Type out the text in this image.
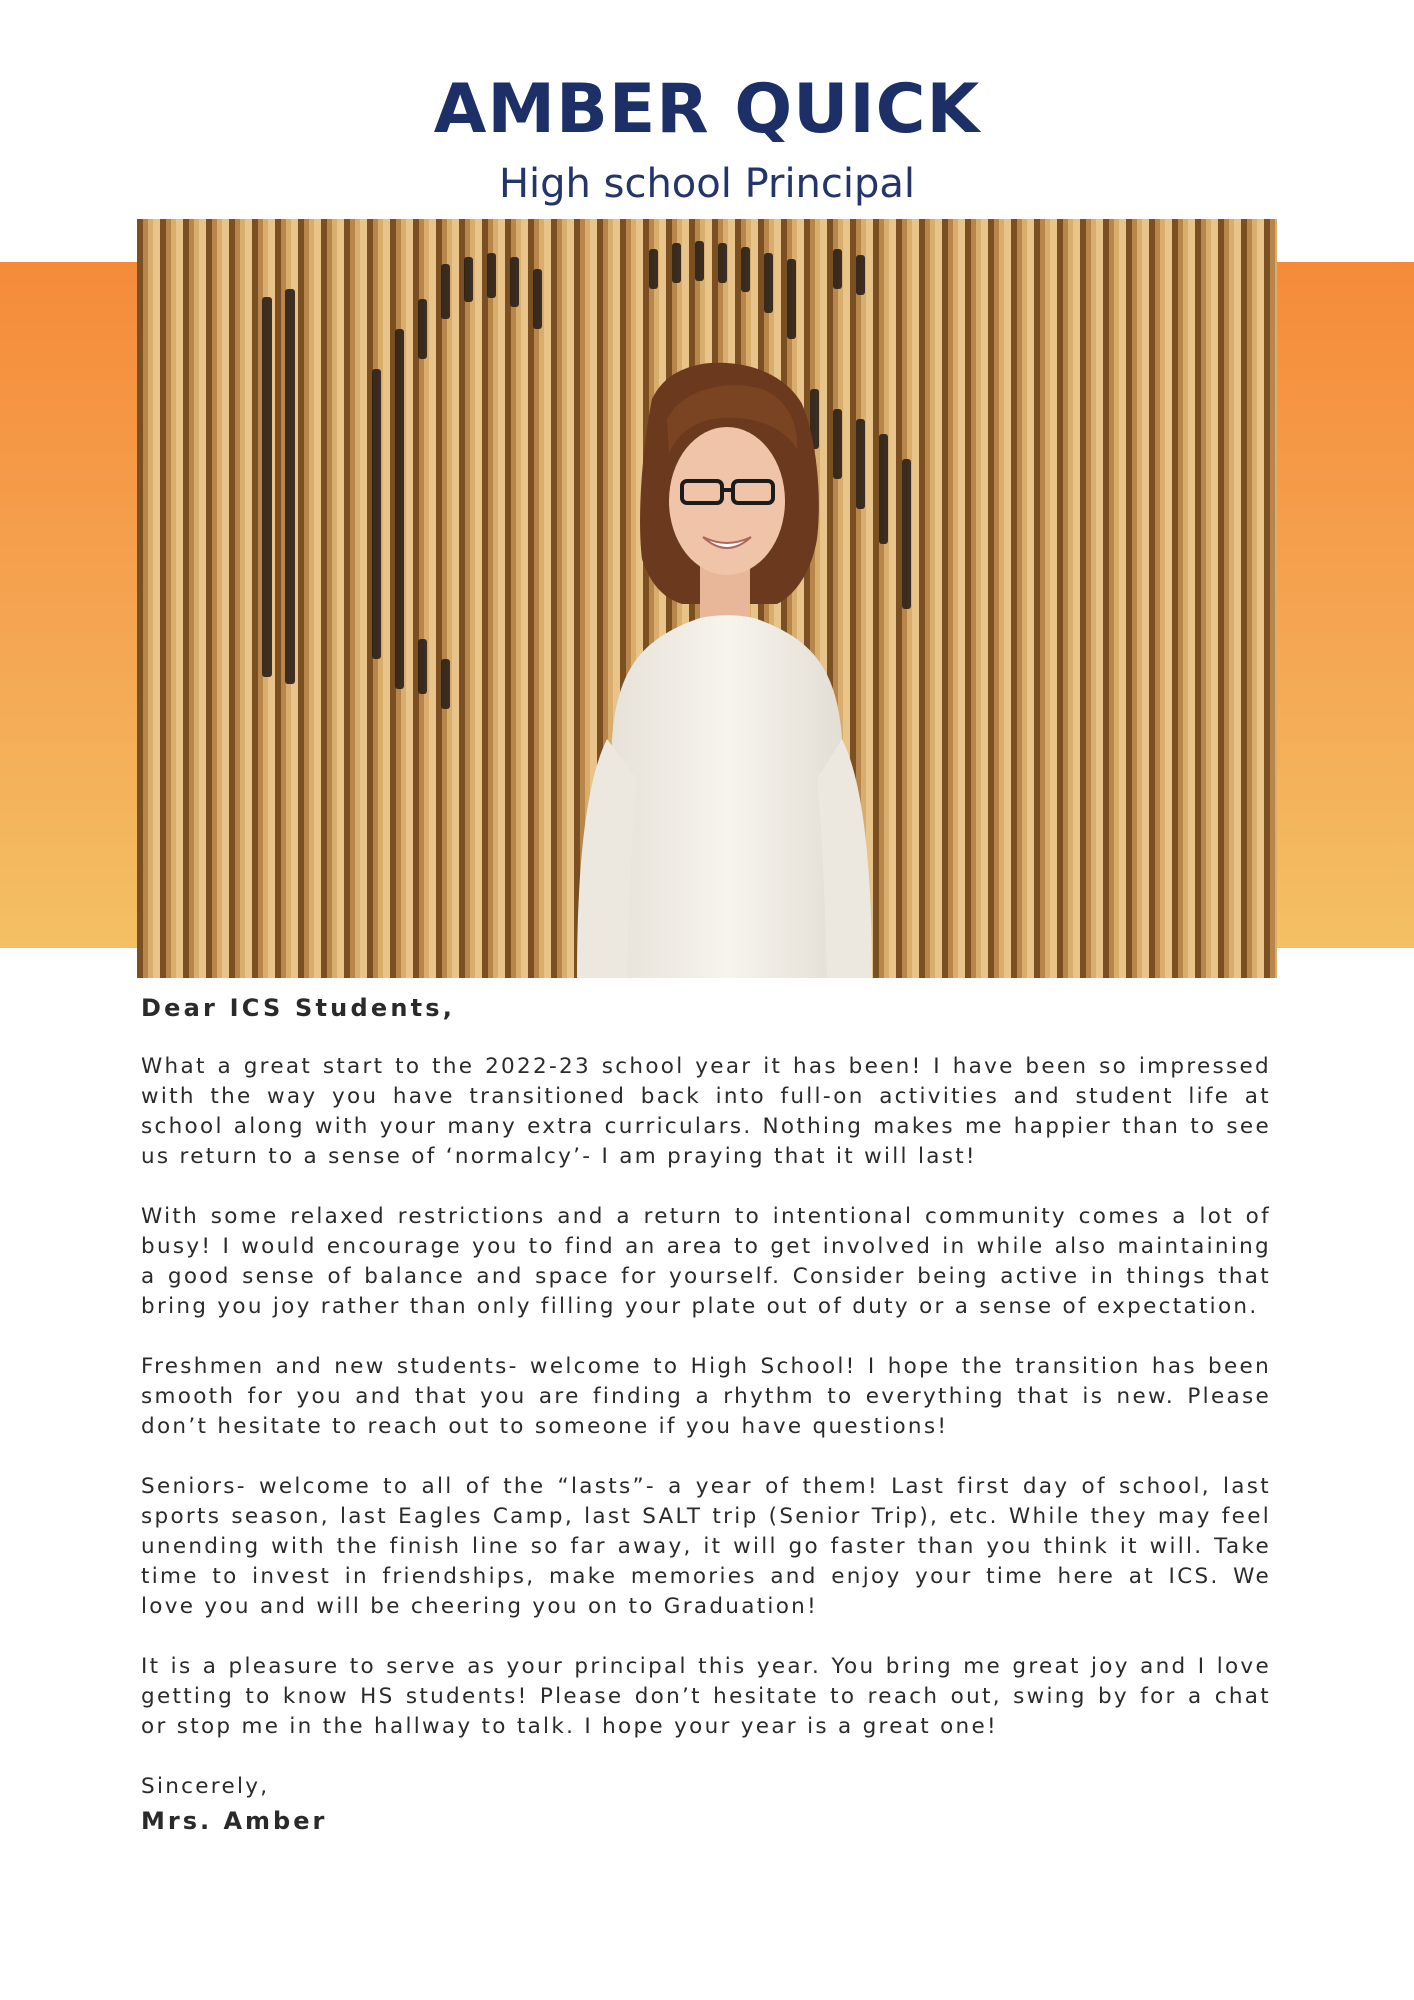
AMBER QUICK
High school Principal

Dear ICS Students,

What a great start to the 2022-23 school year it has been! I have been so impressed with the way you have transitioned back into full-on activities and student life at school along with your many extra curriculars. Nothing makes me happier than to see us return to a sense of ‘normalcy’- I am praying that it will last!

With some relaxed restrictions and a return to intentional community comes a lot of busy! I would encourage you to find an area to get involved in while also maintaining a good sense of balance and space for yourself. Consider being active in things that bring you joy rather than only filling your plate out of duty or a sense of expectation.

Freshmen and new students- welcome to High School! I hope the transition has been smooth for you and that you are finding a rhythm to everything that is new. Please don’t hesitate to reach out to someone if you have questions!

Seniors- welcome to all of the “lasts”- a year of them! Last first day of school, last sports season, last Eagles Camp, last SALT trip (Senior Trip), etc. While they may feel unending with the finish line so far away, it will go faster than you think it will. Take time to invest in friendships, make memories and enjoy your time here at ICS. We love you and will be cheering you on to Graduation!

It is a pleasure to serve as your principal this year. You bring me great joy and I love getting to know HS students! Please don’t hesitate to reach out, swing by for a chat or stop me in the hallway to talk. I hope your year is a great one!

Sincerely,

Mrs. Amber
